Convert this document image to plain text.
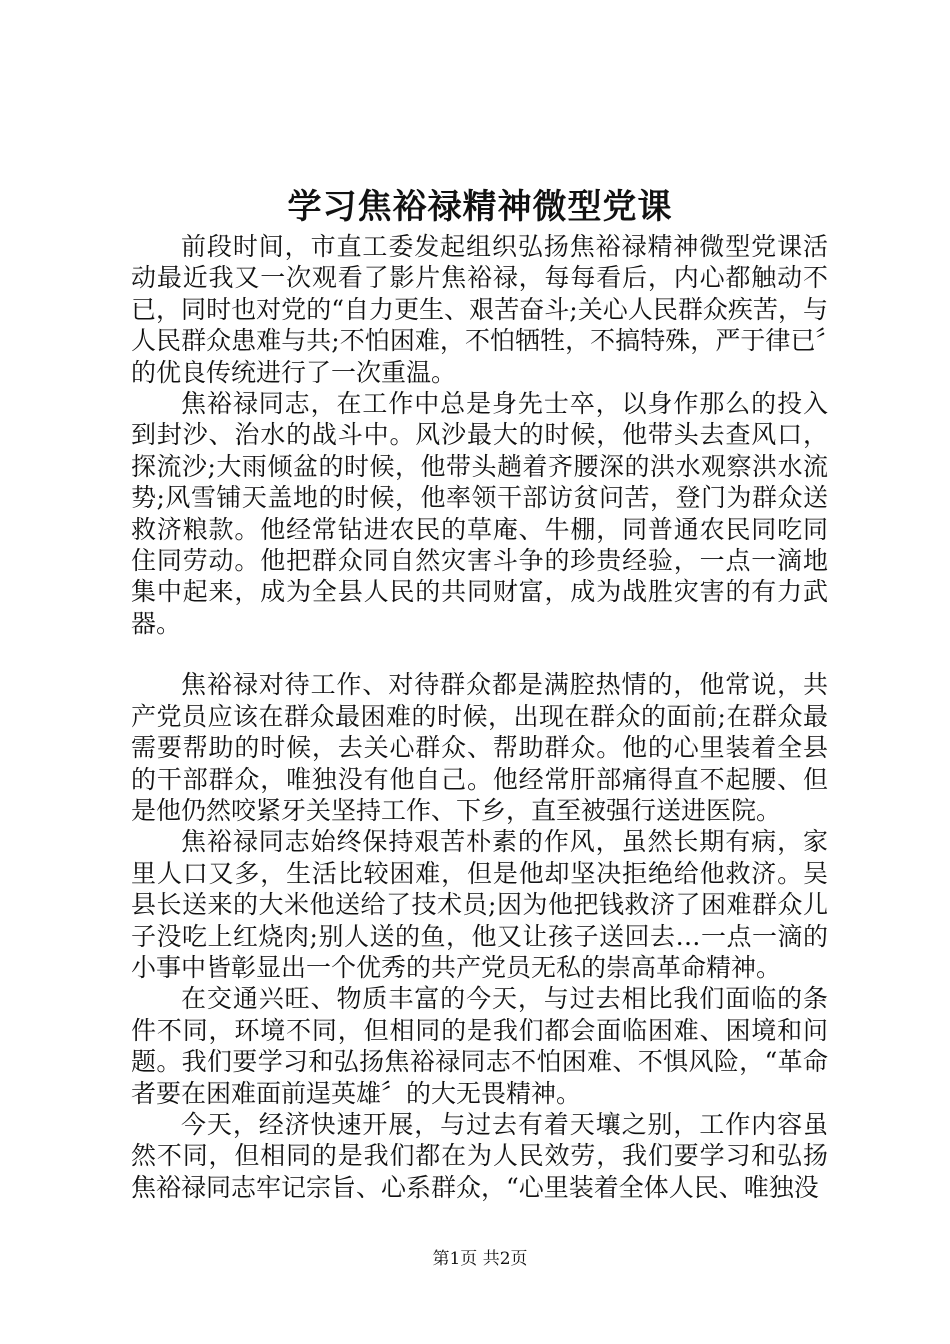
学习焦裕禄精神微型党课

前段时间，市直工委发起组织弘扬焦裕禄精神微型党课活动最近我又一次观看了影片焦裕禄，每每看后，内心都触动不已，同时也对党的“自力更生、艰苦奋斗;关心人民群众疾苦，与人民群众患难与共;不怕困难，不怕牺牲，不搞特殊，严于律已〞的优良传统进行了一次重温。

焦裕禄同志，在工作中总是身先士卒，以身作那么的投入到封沙、治水的战斗中。风沙最大的时候，他带头去查风口，探流沙;大雨倾盆的时候，他带头趟着齐腰深的洪水观察洪水流势;风雪铺天盖地的时候，他率领干部访贫问苦，登门为群众送救济粮款。他经常钻进农民的草庵、牛棚，同普通农民同吃同住同劳动。他把群众同自然灾害斗争的珍贵经验，一点一滴地集中起来，成为全县人民的共同财富，成为战胜灾害的有力武器。

焦裕禄对待工作、对待群众都是满腔热情的，他常说，共产党员应该在群众最困难的时候，出现在群众的面前;在群众最需要帮助的时候，去关心群众、帮助群众。他的心里装着全县的干部群众，唯独没有他自己。他经常肝部痛得直不起腰、但是他仍然咬紧牙关坚持工作、下乡，直至被强行送进医院。

焦裕禄同志始终保持艰苦朴素的作风，虽然长期有病，家里人口又多，生活比较困难，但是他却坚决拒绝给他救济。吴县长送来的大米他送给了技术员;因为他把钱救济了困难群众儿子没吃上红烧肉;别人送的鱼，他又让孩子送回去…一点一滴的小事中皆彰显出一个优秀的共产党员无私的崇高革命精神。

在交通兴旺、物质丰富的今天，与过去相比我们面临的条件不同，环境不同，但相同的是我们都会面临困难、困境和问题。我们要学习和弘扬焦裕禄同志不怕困难、不惧风险，“革命者要在困难面前逞英雄〞的大无畏精神。

今天，经济快速开展，与过去有着天壤之别，工作内容虽然不同，但相同的是我们都在为人民效劳，我们要学习和弘扬焦裕禄同志牢记宗旨、心系群众，“心里装着全体人民、唯独没

第1页 共2页
